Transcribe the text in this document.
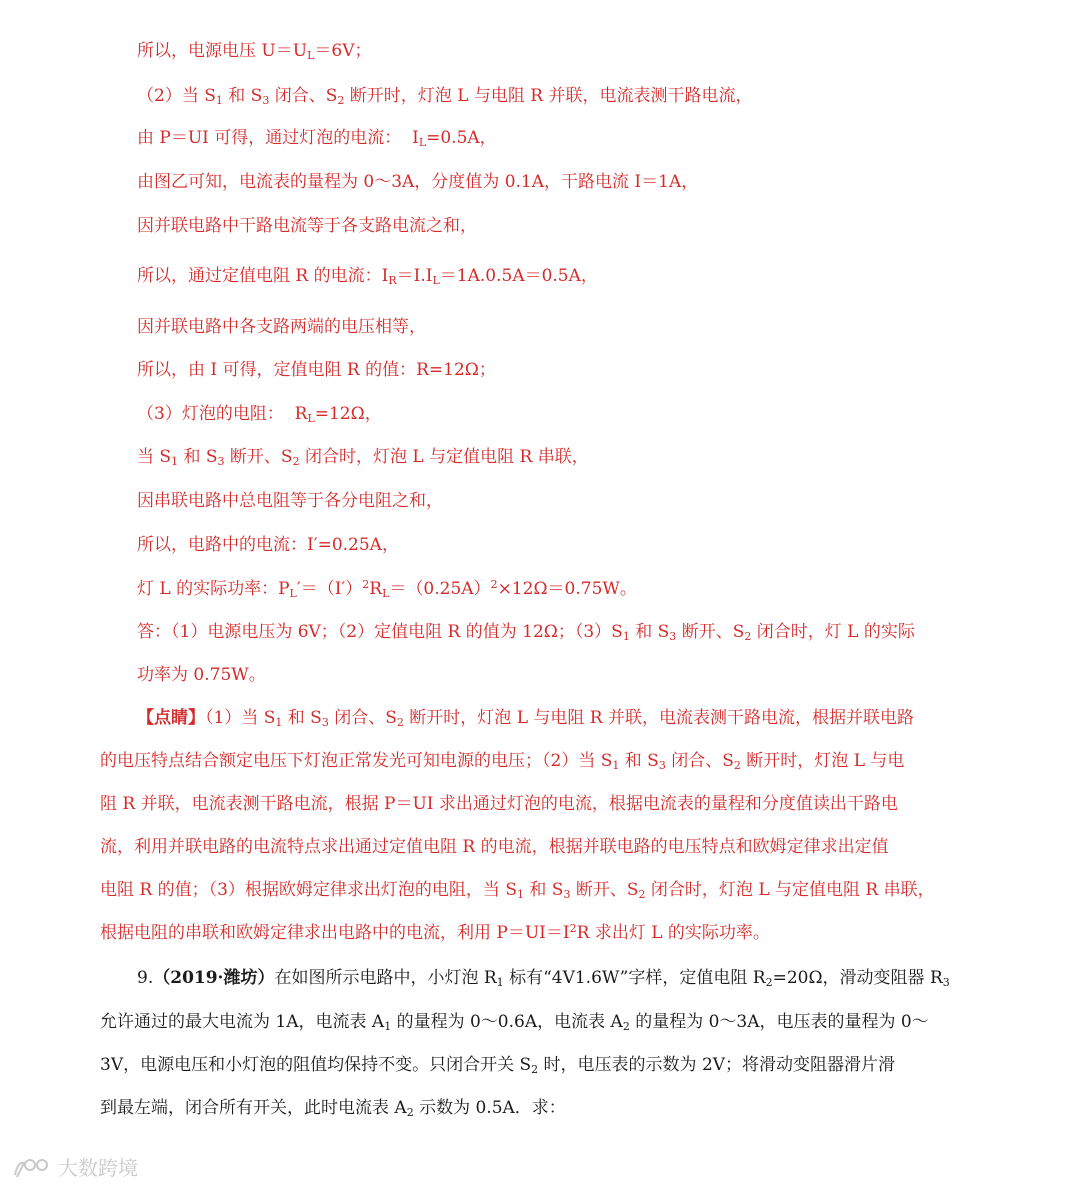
所以，电源电压 $U=U_L=6V$；
（2）当 $S_1$ 和 $S_3$ 闭合、$S_2$ 断开时，灯泡 L 与电阻 R 并联，电流表测干路电流，
由 P＝UI 可得，通过灯泡的电流：  $I_L=0.5A$，
由图乙可知，电流表的量程为 0～3A，分度值为 0.1A，干路电流 I＝1A，
因并联电路中干路电流等于各支路电流之和，
所以，通过定值电阻 R 的电流：$I_R=I.I_L=1A.0.5A=0.5A$，
因并联电路中各支路两端的电压相等，
所以，由 I 可得，定值电阻 R 的值：R=12Ω；
（3）灯泡的电阻：  $R_L=12\Omega$，
当 $S_1$ 和 $S_3$ 断开、$S_2$ 闭合时，灯泡 L 与定值电阻 R 串联，
因串联电路中总电阻等于各分电阻之和，
所以，电路中的电流：I′=0.25A，
灯 L 的实际功率：$P_L'=(I')^2R_L=(0.25A)^2\times 12\Omega=0.75W$。
答：（1）电源电压为 6V；（2）定值电阻 R 的值为 12Ω；$(3)S_1$ 和 $S_3$ 断开、$S_2$ 闭合时，灯 L 的实际
功率为 0.75W。
【点睛】（1）当 $S_1$ 和 $S_3$ 闭合、$S_2$ 断开时，灯泡 L 与电阻 R 并联，电流表测干路电流，根据并联电路
的电压特点结合额定电压下灯泡正常发光可知电源的电压；（2）当 $S_1$ 和 $S_3$ 闭合、$S_2$ 断开时，灯泡 L 与电
阻 R 并联，电流表测干路电流，根据 P＝UI 求出通过灯泡的电流，根据电流表的量程和分度值读出干路电
流，利用并联电路的电流特点求出通过定值电阻 R 的电流，根据并联电路的电压特点和欧姆定律求出定值
电阻 R 的值；（3）根据欧姆定律求出灯泡的电阻，当 $S_1$ 和 $S_3$ 断开、$S_2$ 闭合时，灯泡 L 与定值电阻 R 串联，
根据电阻的串联和欧姆定律求出电路中的电流，利用 $P=UI=I^2R$ 求出灯 L 的实际功率。
9.（2019·潍坊）在如图所示电路中，小灯泡 $R_1$ 标有“4V1.6W”字样，定值电阻 $R_2=20\Omega$，滑动变阻器 $R_3$
允许通过的最大电流为 1A，电流表 $A_1$ 的量程为 0～0.6A，电流表 $A_2$ 的量程为 0～3A，电压表的量程为 0～
3V，电源电压和小灯泡的阻值均保持不变。只闭合开关 $S_2$ 时，电压表的示数为 2V；将滑动变阻器滑片滑
到最左端，闭合所有开关，此时电流表 $A_2$ 示数为 0.5A．求：
大数跨境
